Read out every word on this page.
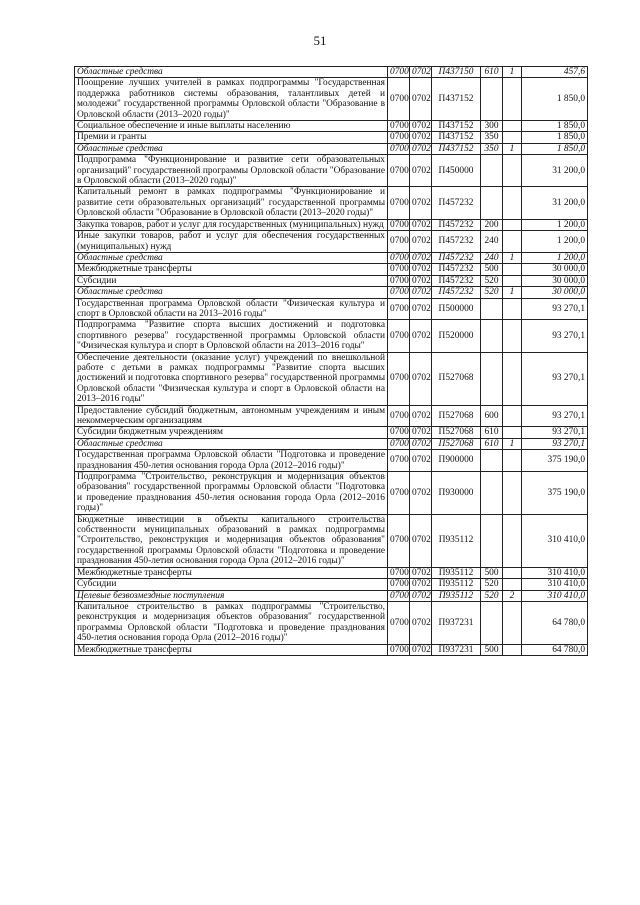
51
Областные средства	0700	0702	П437150	610	1	457,6
Поощрение лучших учителей в рамках подпрограммы "Государственная поддержка работников системы образования, талантливых детей и молодежи" государственной программы Орловской области "Образование в Орловской области (2013–2020 годы)"	0700	0702	П437152			1 850,0
Социальное обеспечение и иные выплаты населению	0700	0702	П437152	300		1 850,0
Премии и гранты	0700	0702	П437152	350		1 850,0
Областные средства	0700	0702	П437152	350	1	1 850,0
Подпрограмма "Функционирование и развитие сети образовательных организаций" государственной программы Орловской области "Образование в Орловской области (2013–2020 годы)"	0700	0702	П450000			31 200,0
Капитальный ремонт в рамках подпрограммы "Функционирование и развитие сети образовательных организаций" государственной программы Орловской области "Образование в Орловской области (2013–2020 годы)"	0700	0702	П457232			31 200,0
Закупка товаров, работ и услуг для государственных (муниципальных) нужд	0700	0702	П457232	200		1 200,0
Иные закупки товаров, работ и услуг для обеспечения государственных (муниципальных) нужд	0700	0702	П457232	240		1 200,0
Областные средства	0700	0702	П457232	240	1	1 200,0
Межбюджетные трансферты	0700	0702	П457232	500		30 000,0
Субсидии	0700	0702	П457232	520		30 000,0
Областные средства	0700	0702	П457232	520	1	30 000,0
Государственная программа Орловской области "Физическая культура и спорт в Орловской области на 2013–2016 годы"	0700	0702	П500000			93 270,1
Подпрограмма "Развитие спорта высших достижений и подготовка спортивного резерва" государственной программы Орловской области "Физическая культура и спорт в Орловской области на 2013–2016 годы"	0700	0702	П520000			93 270,1
Обеспечение деятельности (оказание услуг) учреждений по внешкольной работе с детьми в рамках подпрограммы "Развитие спорта высших достижений и подготовка спортивного резерва" государственной программы Орловской области "Физическая культура и спорт в Орловской области на 2013–2016 годы"	0700	0702	П527068			93 270,1
Предоставление субсидий бюджетным, автономным учреждениям и иным некоммерческим организациям	0700	0702	П527068	600		93 270,1
Субсидии бюджетным учреждениям	0700	0702	П527068	610		93 270,1
Областные средства	0700	0702	П527068	610	1	93 270,1
Государственная программа Орловской области "Подготовка и проведение празднования 450-летия основания города Орла (2012–2016 годы)"	0700	0702	П900000			375 190,0
Подпрограмма "Строительство, реконструкция и модернизация объектов образования" государственной программы Орловской области "Подготовка и проведение празднования 450-летия основания города Орла (2012–2016 годы)"	0700	0702	П930000			375 190,0
Бюджетные инвестиции в объекты капитального строительства собственности муниципальных образований в рамках подпрограммы "Строительство, реконструкция и модернизация объектов образования" государственной программы Орловской области "Подготовка и проведение празднования 450-летия основания города Орла (2012–2016 годы)"	0700	0702	П935112			310 410,0
Межбюджетные трансферты	0700	0702	П935112	500		310 410,0
Субсидии	0700	0702	П935112	520		310 410,0
Целевые безвозмездные поступления	0700	0702	П935112	520	2	310 410,0
Капитальное строительство в рамках подпрограммы "Строительство, реконструкция и модернизация объектов образования" государственной программы Орловской области "Подготовка и проведение празднования 450-летия основания города Орла (2012–2016 годы)"	0700	0702	П937231			64 780,0
Межбюджетные трансферты	0700	0702	П937231	500		64 780,0
